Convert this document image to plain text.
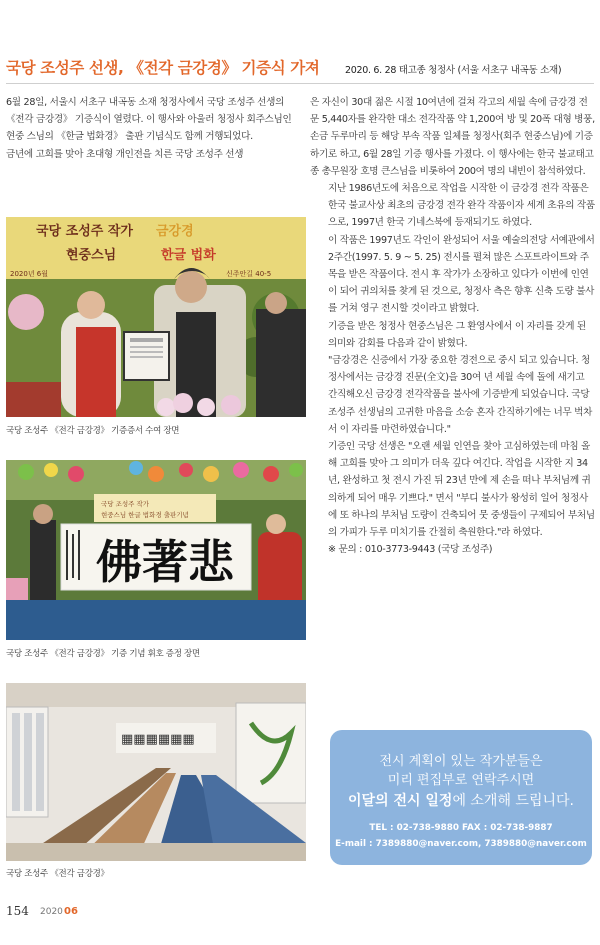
국당 조성주 선생, 《전각 금강경》 기증식 가져	2020. 6. 28 태고종 청정사 (서울 서초구 내곡동 소재)

6월 28일, 서울시 서초구 내곡동 소재 청정사에서 국당 조성주 선생의 《전각 금강경》 기증식이 열렸다. 이 행사와 아울러 청정사 회주스님인 현중 스님의 《한글 법화경》 출판 기념식도 함께 거행되었다.

금년에 고희를 맞아 초대형 개인전을 치른 국당 조성주 선생

은 자신이 30대 젊은 시절 10여년에 걸쳐 각고의 세월 속에 금강경 전문 5,440자를 완각한 대소 전각작품 약 1,200여 방 및 20폭 대형 병풍, 손금 두루마리 등 해당 부속 작품 일체를 청정사(회주 현중스님)에 기증하기로 하고, 6월 28일 기증 행사를 가졌다. 이 행사에는 한국 불교태고종 총무원장 호명 큰스님을 비롯하여 200여 명의 내빈이 참석하였다.

지난 1986년도에 처음으로 작업을 시작한 이 금강경 전각 작품은 한국 불교사상 최초의 금강경 전각 완각 작품이자 세계 초유의 작품으로, 1997년 한국 기네스북에 등재되기도 하였다.

이 작품은 1997년도 각인이 완성되어 서울 예술의전당 서예관에서 2주간(1997. 5. 9 ~ 5. 25) 전시를 펼쳐 많은 스포트라이트와 주목을 받은 작품이다. 전시 후 작가가 소장하고 있다가 이번에 인연이 되어 귀의처를 찾게 된 것으로, 청정사 측은 향후 신축 도량 불사를 거쳐 영구 전시할 것이라고 밝혔다.

기증을 받은 청정사 현중스님은 그 환영사에서 이 자리를 갖게 된 의미와 감회를 다음과 같이 밝혔다.

"금강경은 신증에서 가장 중요한 경전으로 중시 되고 있습니다. 청정사에서는 금강경 진문(全文)을 30여 년 세월 속에 돌에 새기고 간직해오신 금강경 전각작품을 불사에 기증받게 되었습니다. 국당 조성주 선생님의 고귀한 마음을 소승 혼자 간직하기에는 너무 벅차서 이 자리를 마련하였습니다."

기증인 국당 선생은 "오랜 세월 인연을 찾아 고심하였는데 마침 올해 고희를 맞아 그 의미가 더욱 깊다 여긴다. 작업을 시작한 지 34년, 완성하고 첫 전시 가진 뒤 23년 만에 제 손을 떠나 부처님께 귀의하게 되어 매우 기쁘다." 면서 "부디 불사가 왕성히 일어 청정사에 또 하나의 부처님 도량이 건축되어 뭇 중생들이 구제되어 부처님의 가피가 두루 미치기를 간절히 축원한다."라 하였다.

※ 문의 : 010-3773-9443 (국당 조성주)

국당 조성주 작가 금강경
현중스님	한글 법화
2020년 6월	신주안길 40-5
국당 조성주 《전각 금강경》 기증증서 수여 장면
국당 조성주 작가
현중스님 한글 법화경 출판기념
佛著悲
국당 조성주 《전각 금강경》 기증 기념 휘호 증정 장면
▦▦▦▦▦▦
국당 조성주 《전각 금강경》
전시 계획이 있는 작가분들은
미리 편집부로 연락주시면
이달의 전시 일정에 소개해 드립니다.
TEL : 02-738-9880 FAX : 02-738-9887
E-mail : 7389880@naver.com, 7389880@naver.com
154 2020 06
